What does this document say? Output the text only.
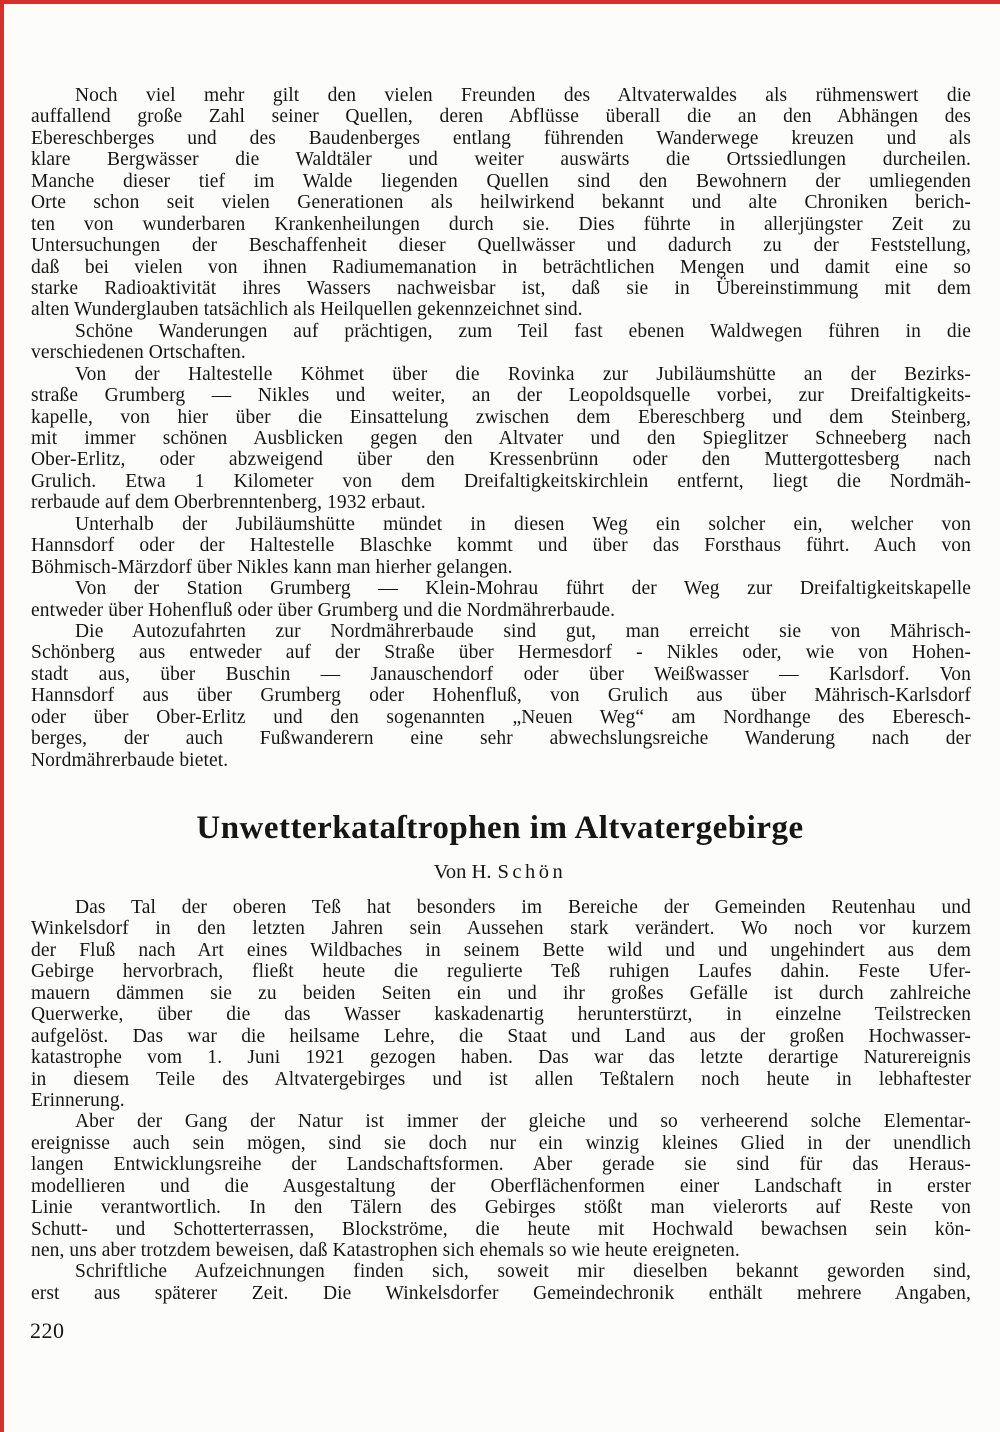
Noch viel mehr gilt den vielen Freunden des Altvaterwaldes als rühmenswert die
auffallend große Zahl seiner Quellen, deren Abflüsse überall die an den Abhängen des
Ebereschberges und des Baudenberges entlang führenden Wanderwege kreuzen und als
klare Bergwässer die Waldtäler und weiter auswärts die Ortssiedlungen durcheilen.
Manche dieser tief im Walde liegenden Quellen sind den Bewohnern der umliegenden
Orte schon seit vielen Generationen als heilwirkend bekannt und alte Chroniken berich-
ten von wunderbaren Krankenheilungen durch sie. Dies führte in allerjüngster Zeit zu
Untersuchungen der Beschaffenheit dieser Quellwässer und dadurch zu der Feststellung,
daß bei vielen von ihnen Radiumemanation in beträchtlichen Mengen und damit eine so
starke Radioaktivität ihres Wassers nachweisbar ist, daß sie in Übereinstimmung mit dem
alten Wunderglauben tatsächlich als Heilquellen gekennzeichnet sind.
Schöne Wanderungen auf prächtigen, zum Teil fast ebenen Waldwegen führen in die
verschiedenen Ortschaften.
Von der Haltestelle Köhmet über die Rovinka zur Jubiläumshütte an der Bezirks-
straße Grumberg — Nikles und weiter, an der Leopoldsquelle vorbei, zur Dreifaltigkeits-
kapelle, von hier über die Einsattelung zwischen dem Ebereschberg und dem Steinberg,
mit immer schönen Ausblicken gegen den Altvater und den Spieglitzer Schneeberg nach
Ober-Erlitz, oder abzweigend über den Kressenbrünn oder den Muttergottesberg nach
Grulich. Etwa 1 Kilometer von dem Dreifaltigkeitskirchlein entfernt, liegt die Nordmäh-
rerbaude auf dem Oberbrenntenberg, 1932 erbaut.
Unterhalb der Jubiläumshütte mündet in diesen Weg ein solcher ein, welcher von
Hannsdorf oder der Haltestelle Blaschke kommt und über das Forsthaus führt. Auch von
Böhmisch-Märzdorf über Nikles kann man hierher gelangen.
Von der Station Grumberg — Klein-Mohrau führt der Weg zur Dreifaltigkeitskapelle
entweder über Hohenfluß oder über Grumberg und die Nordmährerbaude.
Die Autozufahrten zur Nordmährerbaude sind gut, man erreicht sie von Mährisch-
Schönberg aus entweder auf der Straße über Hermesdorf - Nikles oder, wie von Hohen-
stadt aus, über Buschin — Janauschendorf oder über Weißwasser — Karlsdorf. Von
Hannsdorf aus über Grumberg oder Hohenfluß, von Grulich aus über Mährisch-Karlsdorf
oder über Ober-Erlitz und den sogenannten „Neuen Weg“ am Nordhange des Eberesch-
berges, der auch Fußwanderern eine sehr abwechslungsreiche Wanderung nach der
Nordmährerbaude bietet.
Unwetterkataſtrophen im Altvatergebirge
Von H. Schön
Das Tal der oberen Teß hat besonders im Bereiche der Gemeinden Reutenhau und
Winkelsdorf in den letzten Jahren sein Aussehen stark verändert. Wo noch vor kurzem
der Fluß nach Art eines Wildbaches in seinem Bette wild und und ungehindert aus dem
Gebirge hervorbrach, fließt heute die regulierte Teß ruhigen Laufes dahin. Feste Ufer-
mauern dämmen sie zu beiden Seiten ein und ihr großes Gefälle ist durch zahlreiche
Querwerke, über die das Wasser kaskadenartig herunterstürzt, in einzelne Teilstrecken
aufgelöst. Das war die heilsame Lehre, die Staat und Land aus der großen Hochwasser-
katastrophe vom 1. Juni 1921 gezogen haben. Das war das letzte derartige Naturereignis
in diesem Teile des Altvatergebirges und ist allen Teßtalern noch heute in lebhaftester
Erinnerung.
Aber der Gang der Natur ist immer der gleiche und so verheerend solche Elementar-
ereignisse auch sein mögen, sind sie doch nur ein winzig kleines Glied in der unendlich
langen Entwicklungsreihe der Landschaftsformen. Aber gerade sie sind für das Heraus-
modellieren und die Ausgestaltung der Oberflächenformen einer Landschaft in erster
Linie verantwortlich. In den Tälern des Gebirges stößt man vielerorts auf Reste von
Schutt- und Schotterterrassen, Blockströme, die heute mit Hochwald bewachsen sein kön-
nen, uns aber trotzdem beweisen, daß Katastrophen sich ehemals so wie heute ereigneten.
Schriftliche Aufzeichnungen finden sich, soweit mir dieselben bekannt geworden sind,
erst aus späterer Zeit. Die Winkelsdorfer Gemeindechronik enthält mehrere Angaben,
220
